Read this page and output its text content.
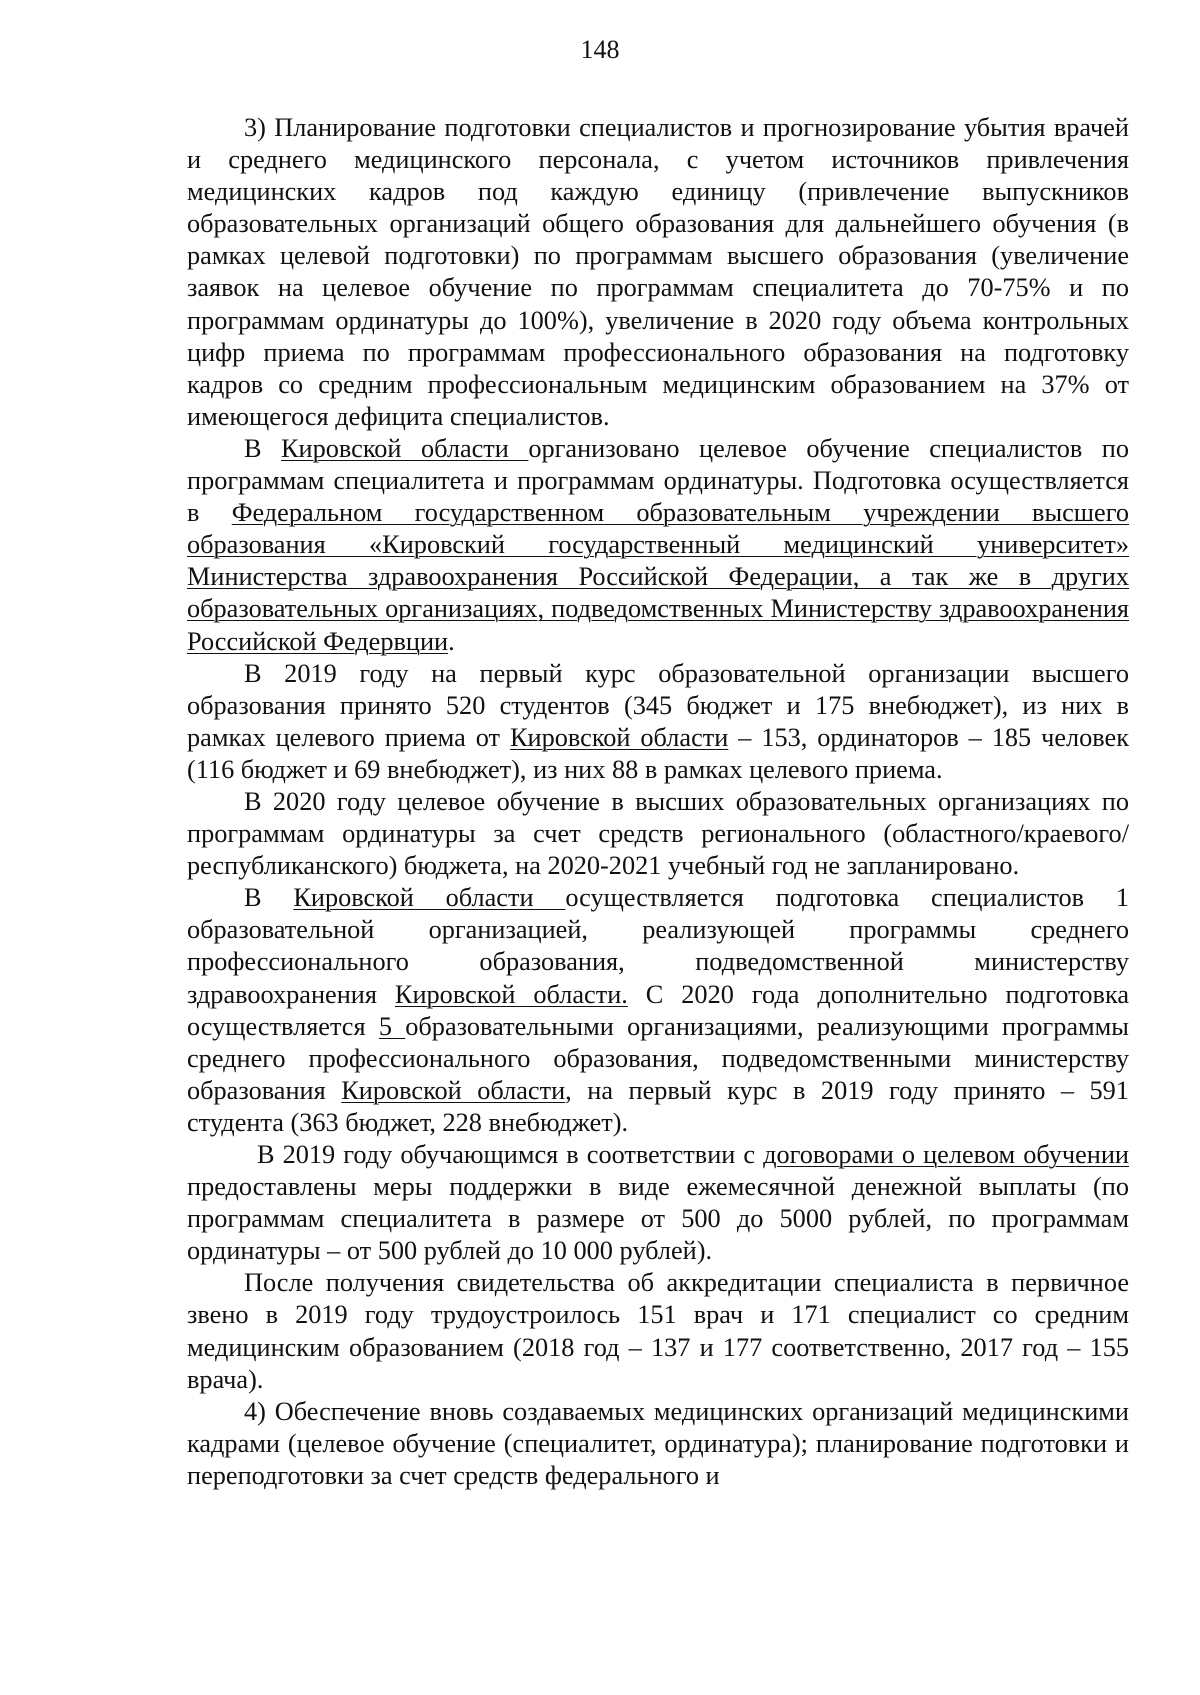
148

3) Планирование подготовки специалистов и прогнозирование убытия врачей и среднего медицинского персонала, с учетом источников привлечения медицинских кадров под каждую единицу (привлечение выпускников образовательных организаций общего образования для дальнейшего обучения (в рамках целевой подготовки) по программам высшего образования (увеличение заявок на целевое обучение по программам специалитета до 70-75% и по программам ординатуры до 100%), увеличение в 2020 году объема контрольных цифр приема по программам профессионального образования на подготовку кадров со средним профессиональным медицинским образованием на 37% от имеющегося дефицита специалистов.

В Кировской области организовано целевое обучение специалистов по программам специалитета и программам ординатуры. Подготовка осуществляется в Федеральном государственном образовательным учреждении высшего образования «Кировский государственный медицинский университет» Министерства здравоохранения Российской Федерации, а так же в других образовательных организациях, подведомственных Министерству здравоохранения Российской Федервции.

В 2019 году на первый курс образовательной организации высшего образования принято 520 студентов (345 бюджет и 175 внебюджет), из них в рамках целевого приема от Кировской области – 153, ординаторов – 185 человек (116 бюджет и 69 внебюджет), из них 88 в рамках целевого приема.

В 2020 году целевое обучение в высших образовательных организациях по программам ординатуры за счет средств регионального (областного/краевого/республиканского) бюджета, на 2020-2021 учебный год не запланировано.

В Кировской области осуществляется подготовка специалистов 1 образовательной организацией, реализующей программы среднего профессионального образования, подведомственной министерству здравоохранения Кировской области. С 2020 года дополнительно подготовка осуществляется 5 образовательными организациями, реализующими программы среднего профессионального образования, подведомственными министерству образования Кировской области, на первый курс в 2019 году принято – 591 студента (363 бюджет, 228 внебюджет).

В 2019 году обучающимся в соответствии с договорами о целевом обучении предоставлены меры поддержки в виде ежемесячной денежной выплаты (по программам специалитета в размере от 500 до 5000 рублей, по программам ординатуры – от 500 рублей до 10 000 рублей).

После получения свидетельства об аккредитации специалиста в первичное звено в 2019 году трудоустроилось 151 врач и 171 специалист со средним медицинским образованием (2018 год – 137 и 177 соответственно, 2017 год – 155 врача).

4) Обеспечение вновь создаваемых медицинских организаций медицинскими кадрами (целевое обучение (специалитет, ординатура); планирование подготовки и переподготовки за счет средств федерального и
